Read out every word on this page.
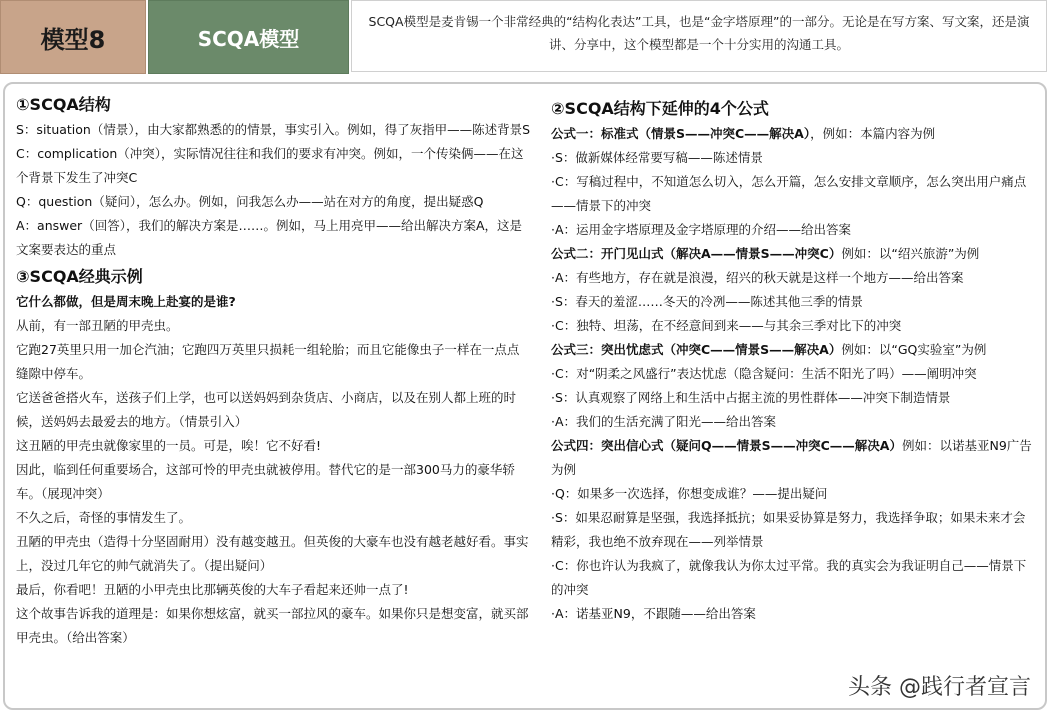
模型8	SCQA模型
SCQA模型是麦肯锡一个非常经典的“结构化表达”工具，也是“金字塔原理”的一部分。无论是在写方案、写文案，还是演讲、分享中，这个模型都是一个十分实用的沟通工具。
①SCQA结构
S：situation（情景），由大家都熟悉的的情景，事实引入。例如，得了灰指甲——陈述背景S
C：complication（冲突），实际情况往往和我们的要求有冲突。例如，一个传染俩——在这个背景下发生了冲突C
Q：question（疑问），怎么办。例如，问我怎么办——站在对方的角度，提出疑惑Q
A：answer（回答），我们的解决方案是……。例如，马上用亮甲——给出解决方案A，这是文案要表达的重点
③SCQA经典示例
它什么都做，但是周末晚上赴宴的是谁?
从前，有一部丑陋的甲壳虫。
它跑27英里只用一加仑汽油；它跑四万英里只损耗一组轮胎；而且它能像虫子一样在一点点缝隙中停车。
它送爸爸搭火车，送孩子们上学，也可以送妈妈到杂货店、小商店，以及在别人都上班的时候，送妈妈去最爱去的地方。（情景引入）
这丑陋的甲壳虫就像家里的一员。可是，唉！它不好看!
因此，临到任何重要场合，这部可怜的甲壳虫就被停用。替代它的是一部300马力的豪华轿车。（展现冲突）
不久之后，奇怪的事情发生了。
丑陋的甲壳虫（造得十分坚固耐用）没有越变越丑。但英俊的大豪车也没有越老越好看。事实上，没过几年它的帅气就消失了。（提出疑问）
最后，你看吧！丑陋的小甲壳虫比那辆英俊的大车子看起来还帅一点了!
这个故事告诉我的道理是：如果你想炫富，就买一部拉风的豪车。如果你只是想变富，就买部甲壳虫。（给出答案）
②SCQA结构下延伸的4个公式
公式一：标准式（情景S——冲突C——解决A），例如：本篇内容为例
·S：做新媒体经常要写稿——陈述情景
·C：写稿过程中，不知道怎么切入，怎么开篇，怎么安排文章顺序，怎么突出用户痛点——情景下的冲突
·A：运用金字塔原理及金字塔原理的介绍——给出答案
公式二：开门见山式（解决A——情景S——冲突C）例如：以“绍兴旅游”为例
·A：有些地方，存在就是浪漫，绍兴的秋天就是这样一个地方——给出答案
·S：春天的羞涩……冬天的冷冽——陈述其他三季的情景
·C：独特、坦荡，在不经意间到来——与其余三季对比下的冲突
公式三：突出忧虑式（冲突C——情景S——解决A）例如：以“GQ实验室”为例
·C：对“阴柔之风盛行”表达忧虑（隐含疑问：生活不阳光了吗）——阐明冲突
·S：认真观察了网络上和生活中占据主流的男性群体——冲突下制造情景
·A：我们的生活充满了阳光——给出答案
公式四：突出信心式（疑问Q——情景S——冲突C——解决A）例如：以诺基亚N9广告为例
·Q：如果多一次选择，你想变成谁？——提出疑问
·S：如果忍耐算是坚强，我选择抵抗；如果妥协算是努力，我选择争取；如果未来才会精彩，我也绝不放弃现在——列举情景
·C：你也许认为我疯了，就像我认为你太过平常。我的真实会为我证明自己——情景下的冲突
·A：诺基亚N9，不跟随——给出答案
头条 @践行者宣言
